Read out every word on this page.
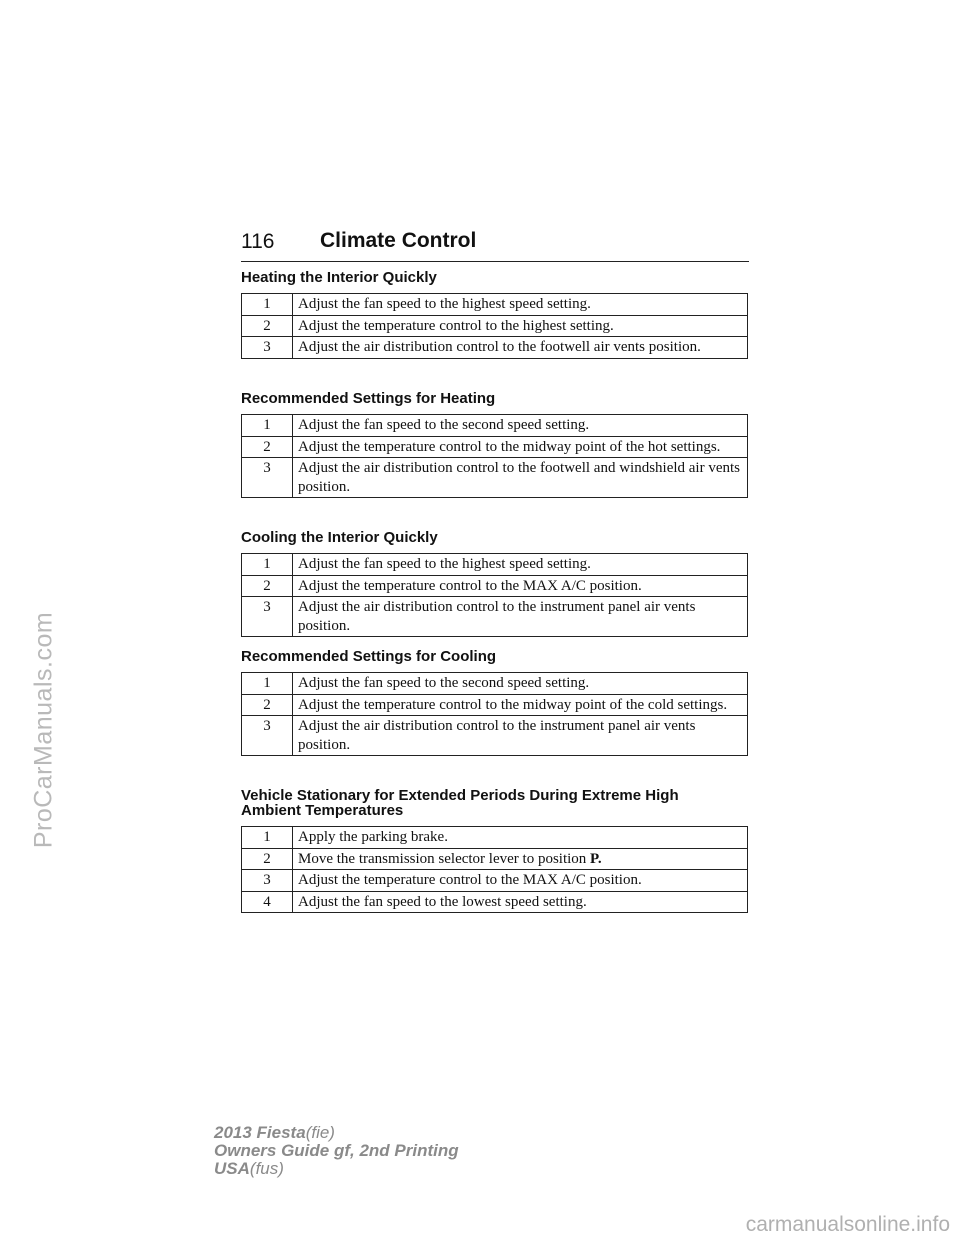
ProCarManuals.com
116 Climate Control
Heating the Interior Quickly
1	Adjust the fan speed to the highest speed setting.
2	Adjust the temperature control to the highest setting.
3	Adjust the air distribution control to the footwell air vents position.
Recommended Settings for Heating
1	Adjust the fan speed to the second speed setting.
2	Adjust the temperature control to the midway point of the hot settings.
3	Adjust the air distribution control to the footwell and windshield air vents position.
Cooling the Interior Quickly
1	Adjust the fan speed to the highest speed setting.
2	Adjust the temperature control to the MAX A/C position.
3	Adjust the air distribution control to the instrument panel air vents position.
Recommended Settings for Cooling
1	Adjust the fan speed to the second speed setting.
2	Adjust the temperature control to the midway point of the cold settings.
3	Adjust the air distribution control to the instrument panel air vents position.
Vehicle Stationary for Extended Periods During Extreme High Ambient Temperatures
1	Apply the parking brake.
2	Move the transmission selector lever to position P.
3	Adjust the temperature control to the MAX A/C position.
4	Adjust the fan speed to the lowest speed setting.
2013 Fiesta(fie)
Owners Guide gf, 2nd Printing
USA(fus)
carmanualsonline.info
